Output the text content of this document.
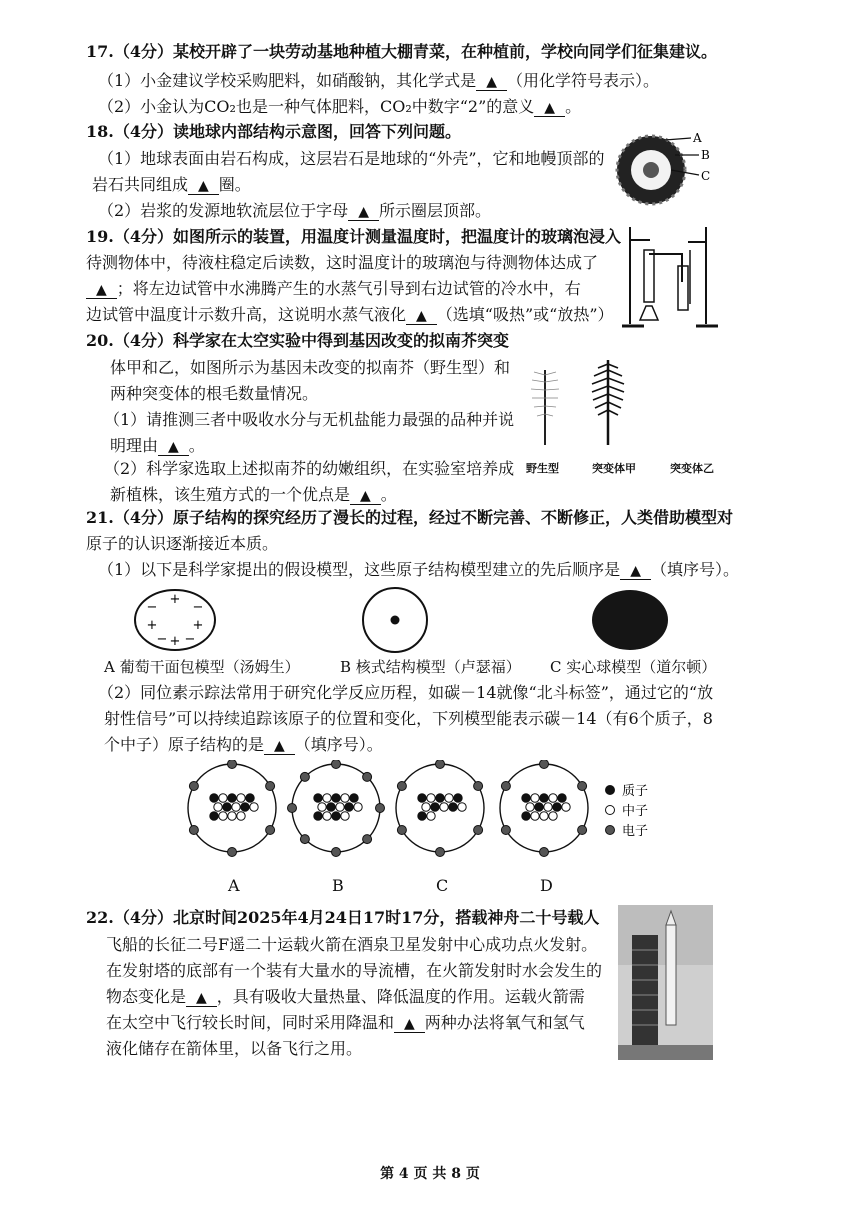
17.（4分）某校开辟了一块劳动基地种植大棚青菜，在种植前，学校向同学们征集建议。
（1）小金建议学校采购肥料，如硝酸钠，其化学式是 ▲ （用化学符号表示）。
（2）小金认为CO₂也是一种气体肥料，CO₂中数字“2”的意义 ▲ 。
18.（4分）读地球内部结构示意图，回答下列问题。
（1）地球表面由岩石构成，这层岩石是地球的“外壳”，它和地幔顶部的
岩石共同组成 ▲ 圈。
（2）岩浆的发源地软流层位于字母 ▲ 所示圈层顶部。
A
B
C
19.（4分）如图所示的装置，用温度计测量温度时，把温度计的玻璃泡浸入
待测物体中，待液柱稳定后读数，这时温度计的玻璃泡与待测物体达成了
▲ ；将左边试管中水沸腾产生的水蒸气引导到右边试管的冷水中，右
边试管中温度计示数升高，这说明水蒸气液化 ▲ （选填“吸热”或“放热”）
20.（4分）科学家在太空实验中得到基因改变的拟南芥突变
体甲和乙，如图所示为基因未改变的拟南芥（野生型）和
两种突变体的根毛数量情况。
（1）请推测三者中吸收水分与无机盐能力最强的品种并说
明理由 ▲ 。
（2）科学家选取上述拟南芥的幼嫩组织，在实验室培养成
新植株，该生殖方式的一个优点是 ▲ 。
野生型	突变体甲	突变体乙
21.（4分）原子结构的探究经历了漫长的过程，经过不断完善、不断修正，人类借助模型对
原子的认识逐渐接近本质。
（1）以下是科学家提出的假设模型，这些原子结构模型建立的先后顺序是 ▲ （填序号）。
+
−	−
+	+
− + −
A 葡萄干面包模型（汤姆生）	B 核式结构模型（卢瑟福） C 实心球模型（道尔顿）
（2）同位素示踪法常用于研究化学反应历程，如碳－14就像“北斗标签”，通过它的“放
射性信号”可以持续追踪该原子的位置和变化，下列模型能表示碳－14（有6个质子，8
个中子）原子结构的是 ▲ （填序号）。
质子
中子
电子
A	B	C	D
22.（4分）北京时间2025年4月24日17时17分，搭载神舟二十号载人
飞船的长征二号F遥二十运载火箭在酒泉卫星发射中心成功点火发射。
在发射塔的底部有一个装有大量水的导流槽，在火箭发射时水会发生的
物态变化是 ▲ ，具有吸收大量热量、降低温度的作用。运载火箭需
在太空中飞行较长时间，同时采用降温和 ▲ 两种办法将氧气和氢气
液化储存在箭体里，以备飞行之用。
第 4 页 共 8 页
